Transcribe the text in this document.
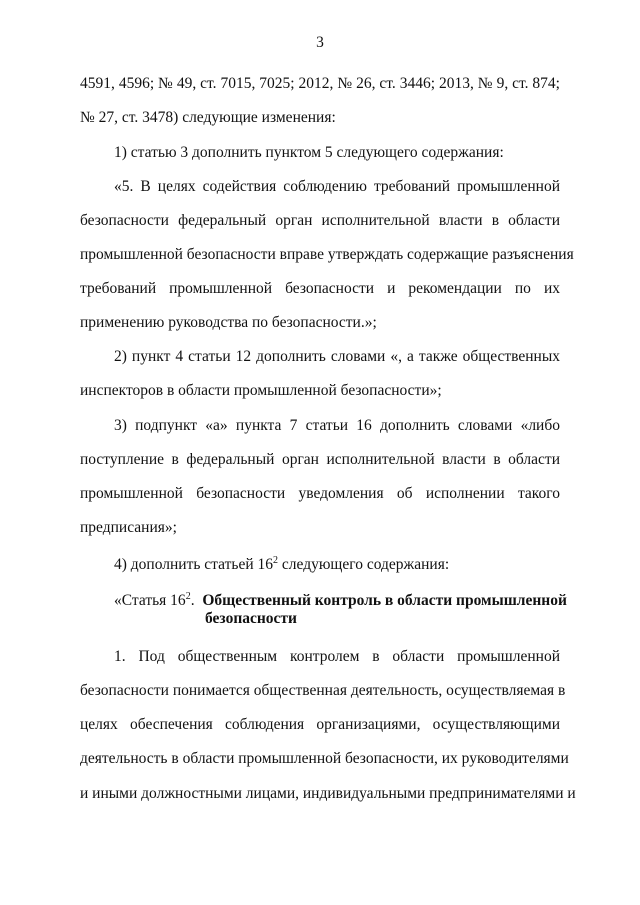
3
4591, 4596; № 49, ст. 7015, 7025; 2012, № 26, ст. 3446; 2013, № 9, ст. 874;
№ 27, ст. 3478) следующие изменения:
1) статью 3 дополнить пунктом 5 следующего содержания:
«5. В целях содействия соблюдению требований промышленной
безопасности федеральный орган исполнительной власти в области
промышленной безопасности вправе утверждать содержащие разъяснения
требований промышленной безопасности и рекомендации по их
применению руководства по безопасности.»;
2) пункт 4 статьи 12 дополнить словами «, а также общественных
инспекторов в области промышленной безопасности»;
3) подпункт «а» пункта 7 статьи 16 дополнить словами «либо
поступление в федеральный орган исполнительной власти в области
промышленной безопасности уведомления об исполнении такого
предписания»;
4) дополнить статьей $16^2$ следующего содержания:
«Статья $16^2$. Общественный контроль в области промышленной
безопасности
1. Под общественным контролем в области промышленной
безопасности понимается общественная деятельность, осуществляемая в
целях обеспечения соблюдения организациями, осуществляющими
деятельность в области промышленной безопасности, их руководителями
и иными должностными лицами, индивидуальными предпринимателями и
